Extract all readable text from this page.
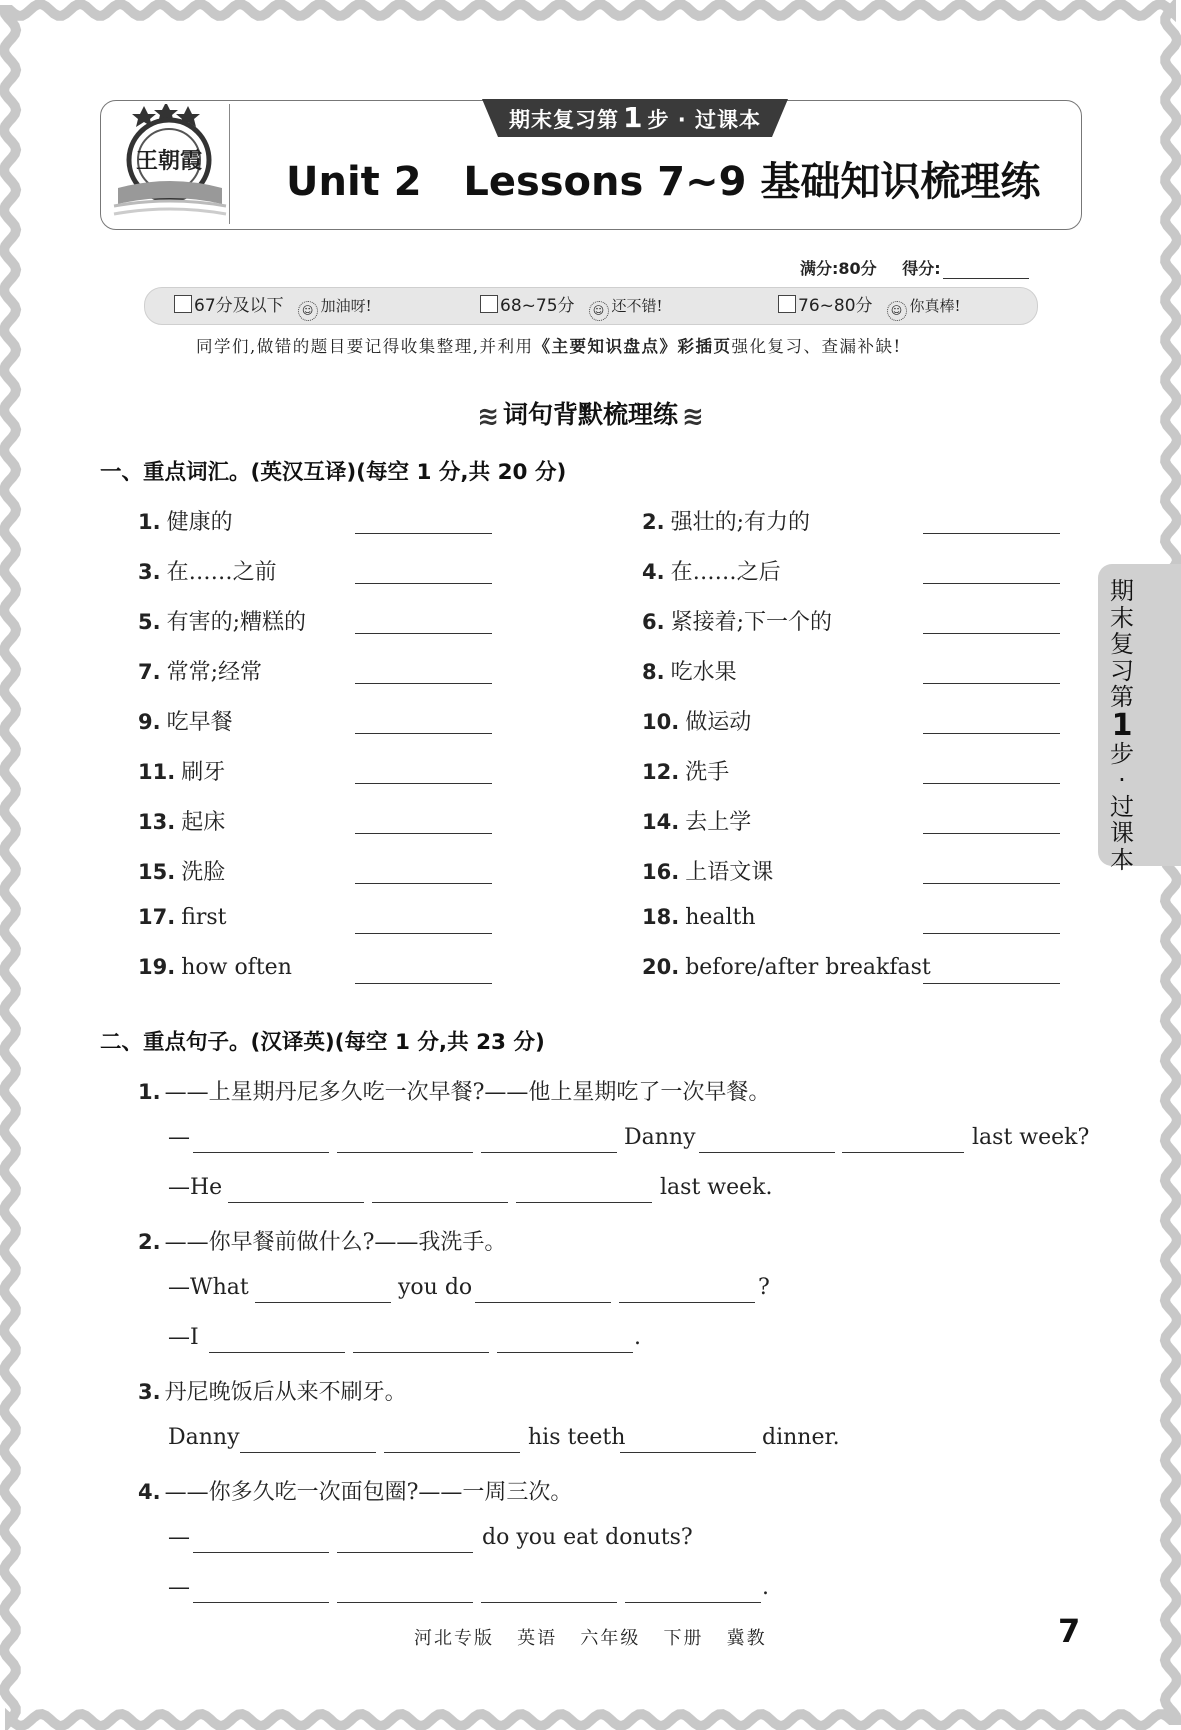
王朝霞
期末复习第 1 步 · 过课本
Unit 2   Lessons 7~9 基础知识梳理练
满分:80分 得分:
67分及以下 ☺ 加油呀!	68~75分 ☺ 还不错!	76~80分 ☺ 你真棒!
同学们,做错的题目要记得收集整理,并利用《主要知识盘点》彩插页强化复习、查漏补缺!
≋ 词句背默梳理练 ≋
一、重点词汇。(英汉互译)(每空 1 分,共 20 分)
1. 健康的	2. 强壮的;有力的
3. 在……之前	4. 在……之后
5. 有害的;糟糕的	6. 紧接着;下一个的
7. 常常;经常	8. 吃水果
9. 吃早餐	10. 做运动
11. 刷牙	12. 洗手
13. 起床	14. 去上学
15. 洗脸	16. 上语文课
17. first	18. health
19. how often	20. before/after breakfast
二、重点句子。(汉译英)(每空 1 分,共 23 分)
1. ——上星期丹尼多久吃一次早餐?——他上星期吃了一次早餐。
—	Danny	last week?
—He	last week.
2. ——你早餐前做什么?——我洗手。
—What	you do	?
—I	.
3. 丹尼晚饭后从来不刷牙。
Danny	his teeth	dinner.
4. ——你多久吃一次面包圈?——一周三次。
—	do you eat donuts?
—	.
期
末
复
习
第
1
步
·
过
课
本
河北专版   英语   六年级   下册   冀教	7
